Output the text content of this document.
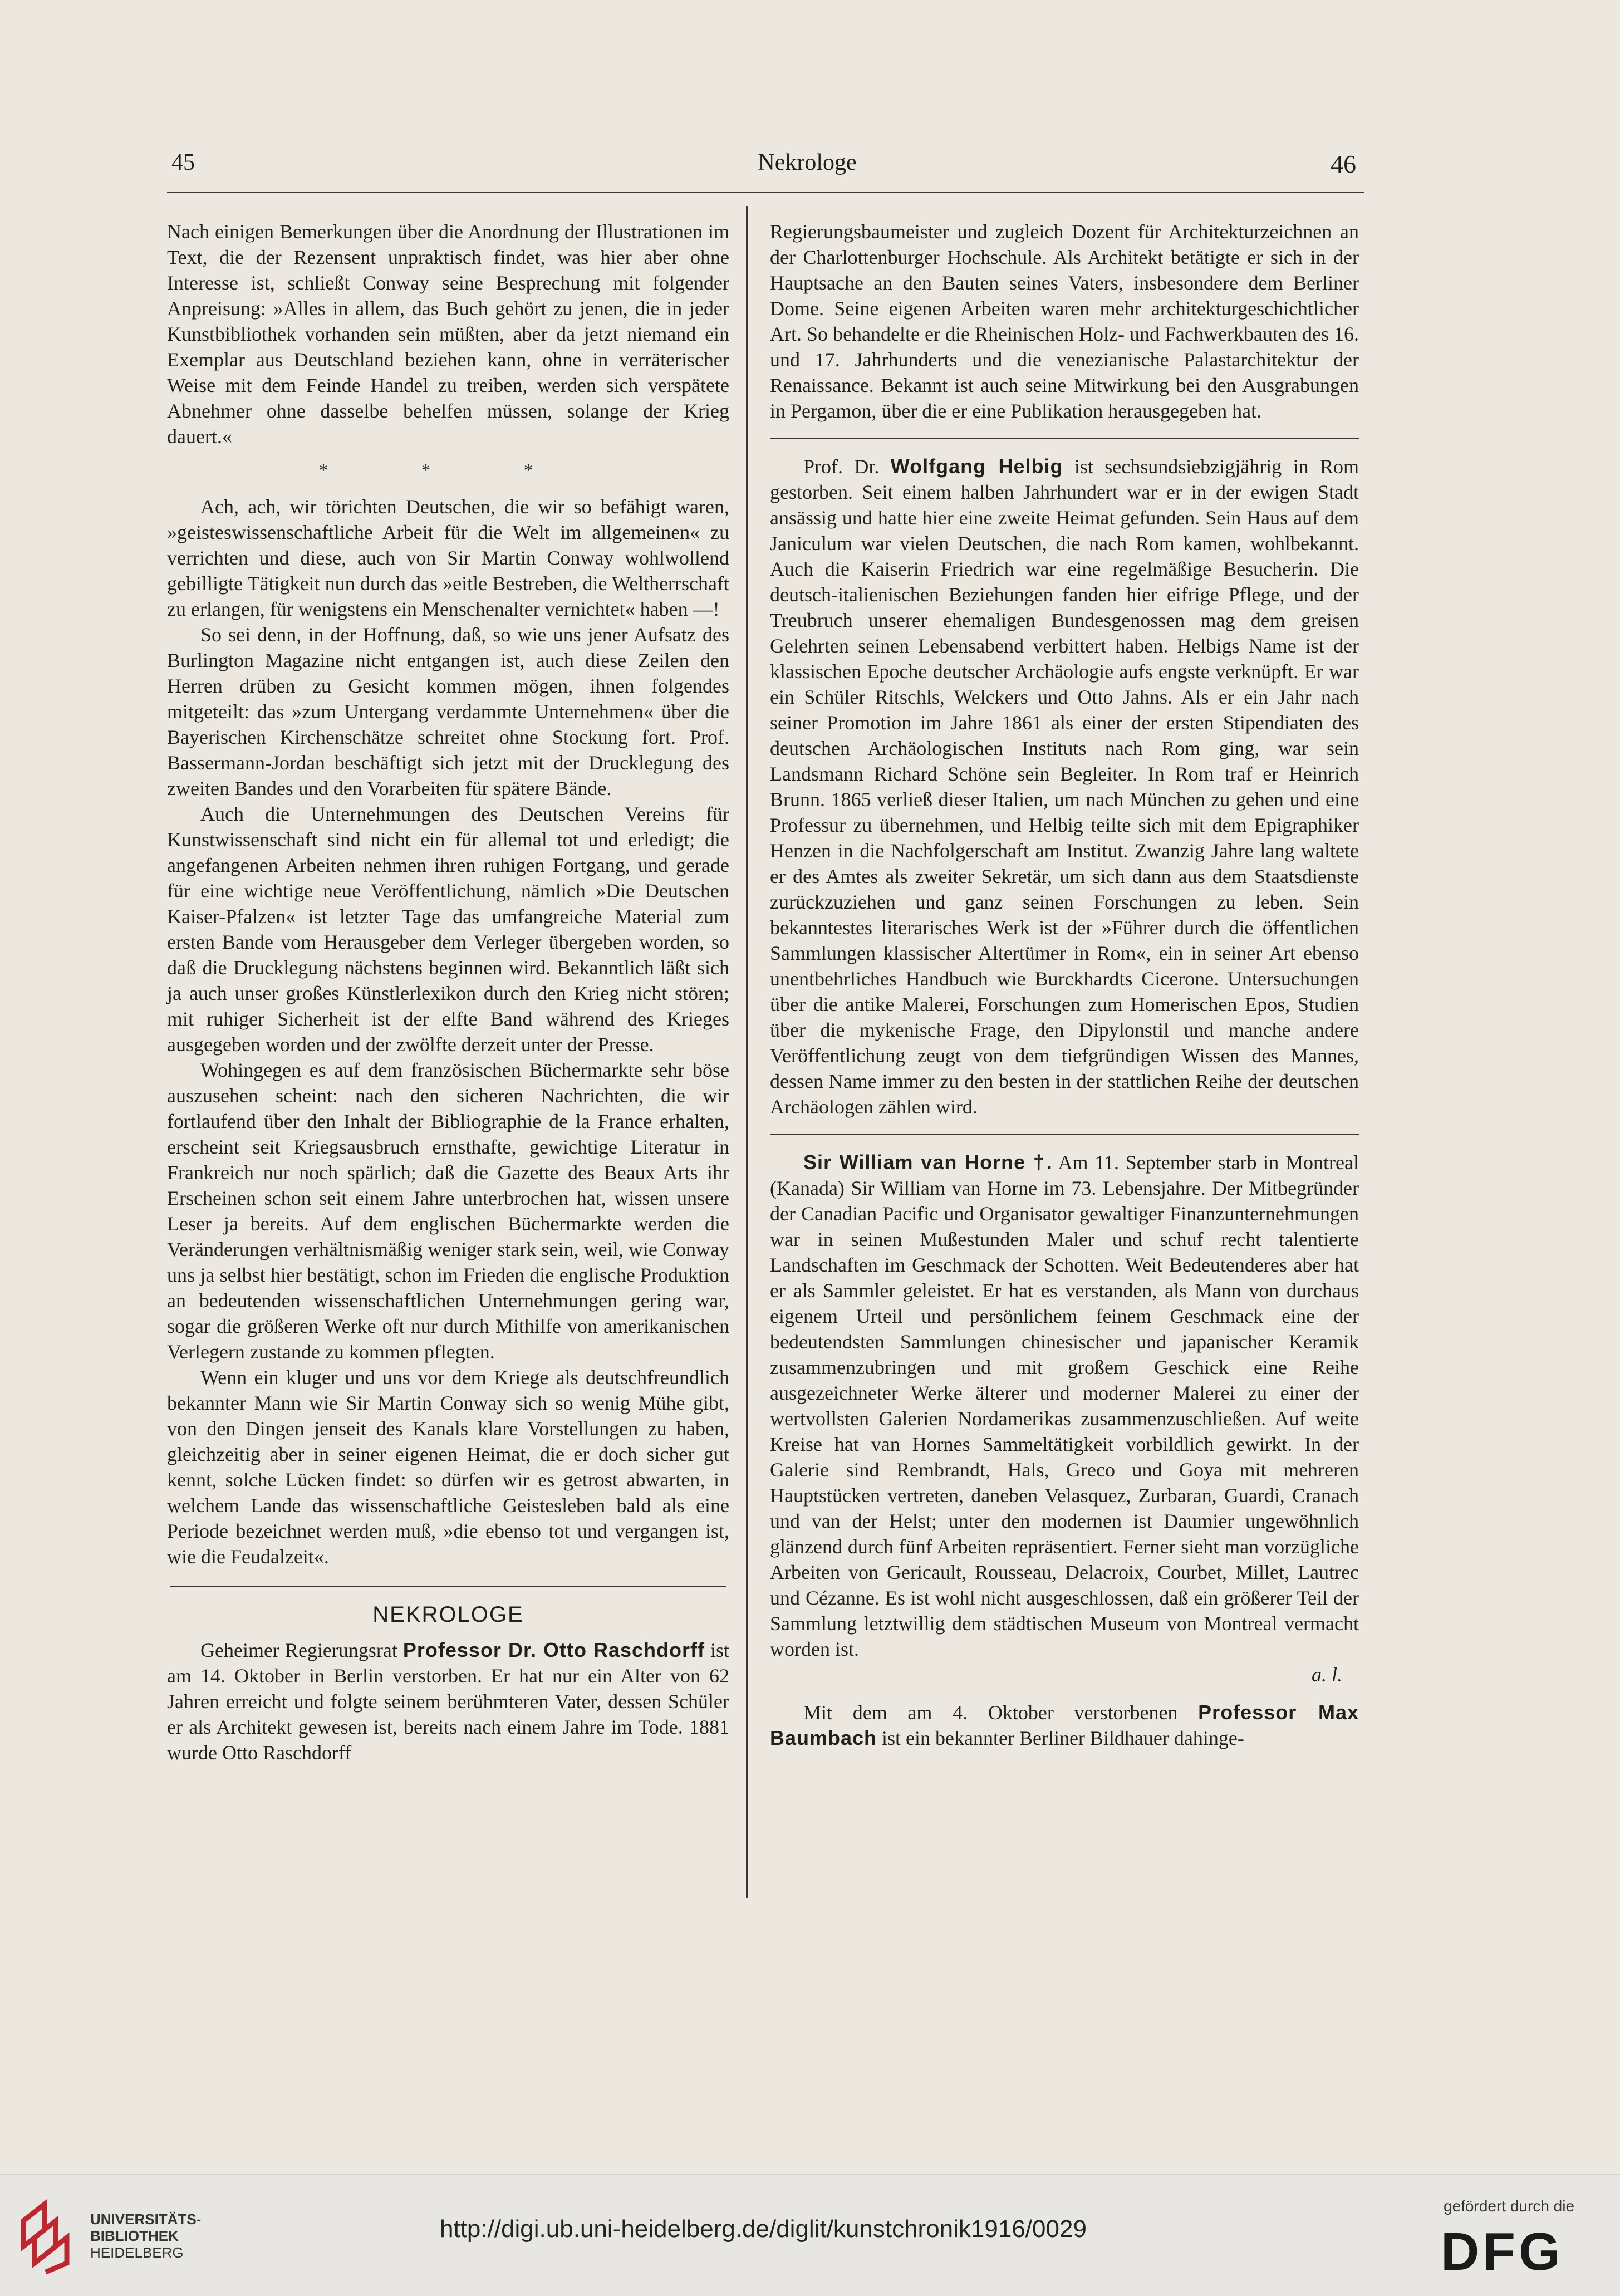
45	Nekrologe	46

Nach einigen Bemerkungen über die Anordnung der Illustrationen im Text, die der Rezensent unpraktisch findet, was hier aber ohne Interesse ist, schließt Conway seine Besprechung mit folgender Anpreisung: »Alles in allem, das Buch gehört zu jenen, die in jeder Kunstbibliothek vorhanden sein müßten, aber da jetzt niemand ein Exemplar aus Deutschland beziehen kann, ohne in verräterischer Weise mit dem Feinde Handel zu treiben, werden sich verspätete Abnehmer ohne dasselbe behelfen müssen, solange der Krieg dauert.«

* * *

Ach, ach, wir törichten Deutschen, die wir so befähigt waren, »geisteswissenschaftliche Arbeit für die Welt im allgemeinen« zu verrichten und diese, auch von Sir Martin Conway wohlwollend gebilligte Tätigkeit nun durch das »eitle Bestreben, die Weltherrschaft zu erlangen, für wenigstens ein Menschenalter vernichtet« haben —!

So sei denn, in der Hoffnung, daß, so wie uns jener Aufsatz des Burlington Magazine nicht entgangen ist, auch diese Zeilen den Herren drüben zu Gesicht kommen mögen, ihnen folgendes mitgeteilt: das »zum Untergang verdammte Unternehmen« über die Bayerischen Kirchenschätze schreitet ohne Stockung fort. Prof. Bassermann-Jordan beschäftigt sich jetzt mit der Drucklegung des zweiten Bandes und den Vorarbeiten für spätere Bände.

Auch die Unternehmungen des Deutschen Vereins für Kunstwissenschaft sind nicht ein für allemal tot und erledigt; die angefangenen Arbeiten nehmen ihren ruhigen Fortgang, und gerade für eine wichtige neue Veröffentlichung, nämlich »Die Deutschen Kaiser-Pfalzen« ist letzter Tage das umfangreiche Material zum ersten Bande vom Herausgeber dem Verleger übergeben worden, so daß die Drucklegung nächstens beginnen wird. Bekanntlich läßt sich ja auch unser großes Künstlerlexikon durch den Krieg nicht stören; mit ruhiger Sicherheit ist der elfte Band während des Krieges ausgegeben worden und der zwölfte derzeit unter der Presse.

Wohingegen es auf dem französischen Büchermarkte sehr böse auszusehen scheint: nach den sicheren Nachrichten, die wir fortlaufend über den Inhalt der Bibliographie de la France erhalten, erscheint seit Kriegsausbruch ernsthafte, gewichtige Literatur in Frankreich nur noch spärlich; daß die Gazette des Beaux Arts ihr Erscheinen schon seit einem Jahre unterbrochen hat, wissen unsere Leser ja bereits. Auf dem englischen Büchermarkte werden die Veränderungen verhältnismäßig weniger stark sein, weil, wie Conway uns ja selbst hier bestätigt, schon im Frieden die englische Produktion an bedeutenden wissenschaftlichen Unternehmungen gering war, sogar die größeren Werke oft nur durch Mithilfe von amerikanischen Verlegern zustande zu kommen pflegten.

Wenn ein kluger und uns vor dem Kriege als deutschfreundlich bekannter Mann wie Sir Martin Conway sich so wenig Mühe gibt, von den Dingen jenseit des Kanals klare Vorstellungen zu haben, gleichzeitig aber in seiner eigenen Heimat, die er doch sicher gut kennt, solche Lücken findet: so dürfen wir es getrost abwarten, in welchem Lande das wissenschaftliche Geistesleben bald als eine Periode bezeichnet werden muß, »die ebenso tot und vergangen ist, wie die Feudalzeit«.

NEKROLOGE

Geheimer Regierungsrat Professor Dr. Otto Raschdorff ist am 14. Oktober in Berlin verstorben. Er hat nur ein Alter von 62 Jahren erreicht und folgte seinem berühmteren Vater, dessen Schüler er als Architekt gewesen ist, bereits nach einem Jahre im Tode. 1881 wurde Otto Raschdorff

Regierungsbaumeister und zugleich Dozent für Architekturzeichnen an der Charlottenburger Hochschule. Als Architekt betätigte er sich in der Hauptsache an den Bauten seines Vaters, insbesondere dem Berliner Dome. Seine eigenen Arbeiten waren mehr architekturgeschichtlicher Art. So behandelte er die Rheinischen Holz- und Fachwerkbauten des 16. und 17. Jahrhunderts und die venezianische Palastarchitektur der Renaissance. Bekannt ist auch seine Mitwirkung bei den Ausgrabungen in Pergamon, über die er eine Publikation herausgegeben hat.

Prof. Dr. Wolfgang Helbig ist sechsundsiebzigjährig in Rom gestorben. Seit einem halben Jahrhundert war er in der ewigen Stadt ansässig und hatte hier eine zweite Heimat gefunden. Sein Haus auf dem Janiculum war vielen Deutschen, die nach Rom kamen, wohlbekannt. Auch die Kaiserin Friedrich war eine regelmäßige Besucherin. Die deutsch-italienischen Beziehungen fanden hier eifrige Pflege, und der Treubruch unserer ehemaligen Bundesgenossen mag dem greisen Gelehrten seinen Lebensabend verbittert haben. Helbigs Name ist der klassischen Epoche deutscher Archäologie aufs engste verknüpft. Er war ein Schüler Ritschls, Welckers und Otto Jahns. Als er ein Jahr nach seiner Promotion im Jahre 1861 als einer der ersten Stipendiaten des deutschen Archäologischen Instituts nach Rom ging, war sein Landsmann Richard Schöne sein Begleiter. In Rom traf er Heinrich Brunn. 1865 verließ dieser Italien, um nach München zu gehen und eine Professur zu übernehmen, und Helbig teilte sich mit dem Epigraphiker Henzen in die Nachfolgerschaft am Institut. Zwanzig Jahre lang waltete er des Amtes als zweiter Sekretär, um sich dann aus dem Staatsdienste zurückzuziehen und ganz seinen Forschungen zu leben. Sein bekanntestes literarisches Werk ist der »Führer durch die öffentlichen Sammlungen klassischer Altertümer in Rom«, ein in seiner Art ebenso unentbehrliches Handbuch wie Burckhardts Cicerone. Untersuchungen über die antike Malerei, Forschungen zum Homerischen Epos, Studien über die mykenische Frage, den Dipylonstil und manche andere Veröffentlichung zeugt von dem tiefgründigen Wissen des Mannes, dessen Name immer zu den besten in der stattlichen Reihe der deutschen Archäologen zählen wird.

Sir William van Horne †. Am 11. September starb in Montreal (Kanada) Sir William van Horne im 73. Lebensjahre. Der Mitbegründer der Canadian Pacific und Organisator gewaltiger Finanzunternehmungen war in seinen Mußestunden Maler und schuf recht talentierte Landschaften im Geschmack der Schotten. Weit Bedeutenderes aber hat er als Sammler geleistet. Er hat es verstanden, als Mann von durchaus eigenem Urteil und persönlichem feinem Geschmack eine der bedeutendsten Sammlungen chinesischer und japanischer Keramik zusammenzubringen und mit großem Geschick eine Reihe ausgezeichneter Werke älterer und moderner Malerei zu einer der wertvollsten Galerien Nordamerikas zusammenzuschließen. Auf weite Kreise hat van Hornes Sammeltätigkeit vorbildlich gewirkt. In der Galerie sind Rembrandt, Hals, Greco und Goya mit mehreren Hauptstücken vertreten, daneben Velasquez, Zurbaran, Guardi, Cranach und van der Helst; unter den modernen ist Daumier ungewöhnlich glänzend durch fünf Arbeiten repräsentiert. Ferner sieht man vorzügliche Arbeiten von Gericault, Rousseau, Delacroix, Courbet, Millet, Lautrec und Cézanne. Es ist wohl nicht ausgeschlossen, daß ein größerer Teil der Sammlung letztwillig dem städtischen Museum von Montreal vermacht worden ist.

a. l.

Mit dem am 4. Oktober verstorbenen Professor Max Baumbach ist ein bekannter Berliner Bildhauer dahinge-

UNIVERSITÄTS-
BIBLIOTHEK
HEIDELBERG
http://digi.ub.uni-heidelberg.de/diglit/kunstchronik1916/0029
gefördert durch die
DFG
